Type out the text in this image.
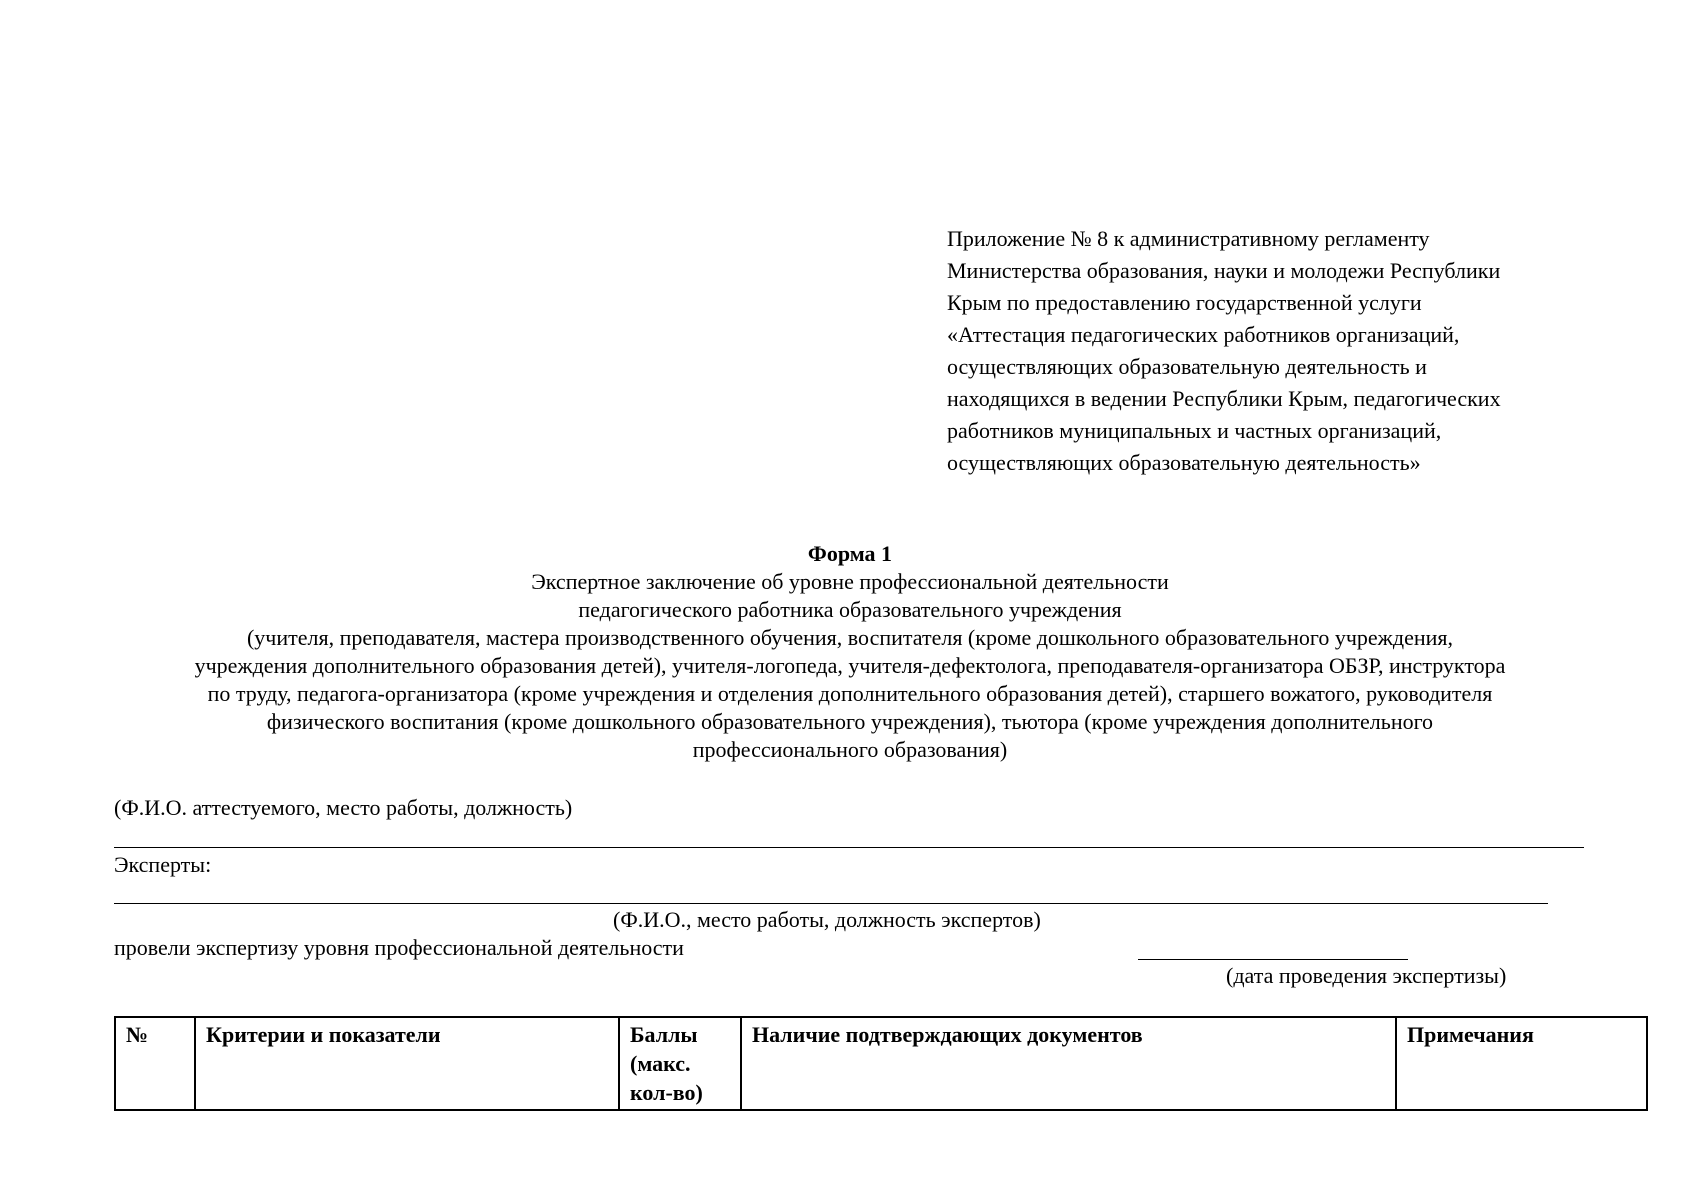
Приложение № 8 к административному регламенту
Министерства образования, науки и молодежи Республики
Крым по предоставлению государственной услуги
«Аттестация педагогических работников организаций,
осуществляющих образовательную деятельность и
находящихся в ведении Республики Крым, педагогических
работников муниципальных и частных организаций,
осуществляющих образовательную деятельность»
Форма 1
Экспертное заключение об уровне профессиональной деятельности
педагогического работника образовательного учреждения
(учителя, преподавателя, мастера производственного обучения, воспитателя (кроме дошкольного образовательного учреждения,
учреждения дополнительного образования детей), учителя-логопеда, учителя-дефектолога, преподавателя-организатора ОБЗР, инструктора
по труду, педагога-организатора (кроме учреждения и отделения дополнительного образования детей), старшего вожатого, руководителя
физического воспитания (кроме дошкольного образовательного учреждения), тьютора (кроме учреждения дополнительного
профессионального образования)
(Ф.И.О. аттестуемого, место работы, должность)
Эксперты:
(Ф.И.О., место работы, должность экспертов)
провели экспертизу уровня профессиональной деятельности
(дата проведения экспертизы)
№	Критерии и показатели	Баллы (макс. кол-во)	Наличие подтверждающих документов	Примечания
